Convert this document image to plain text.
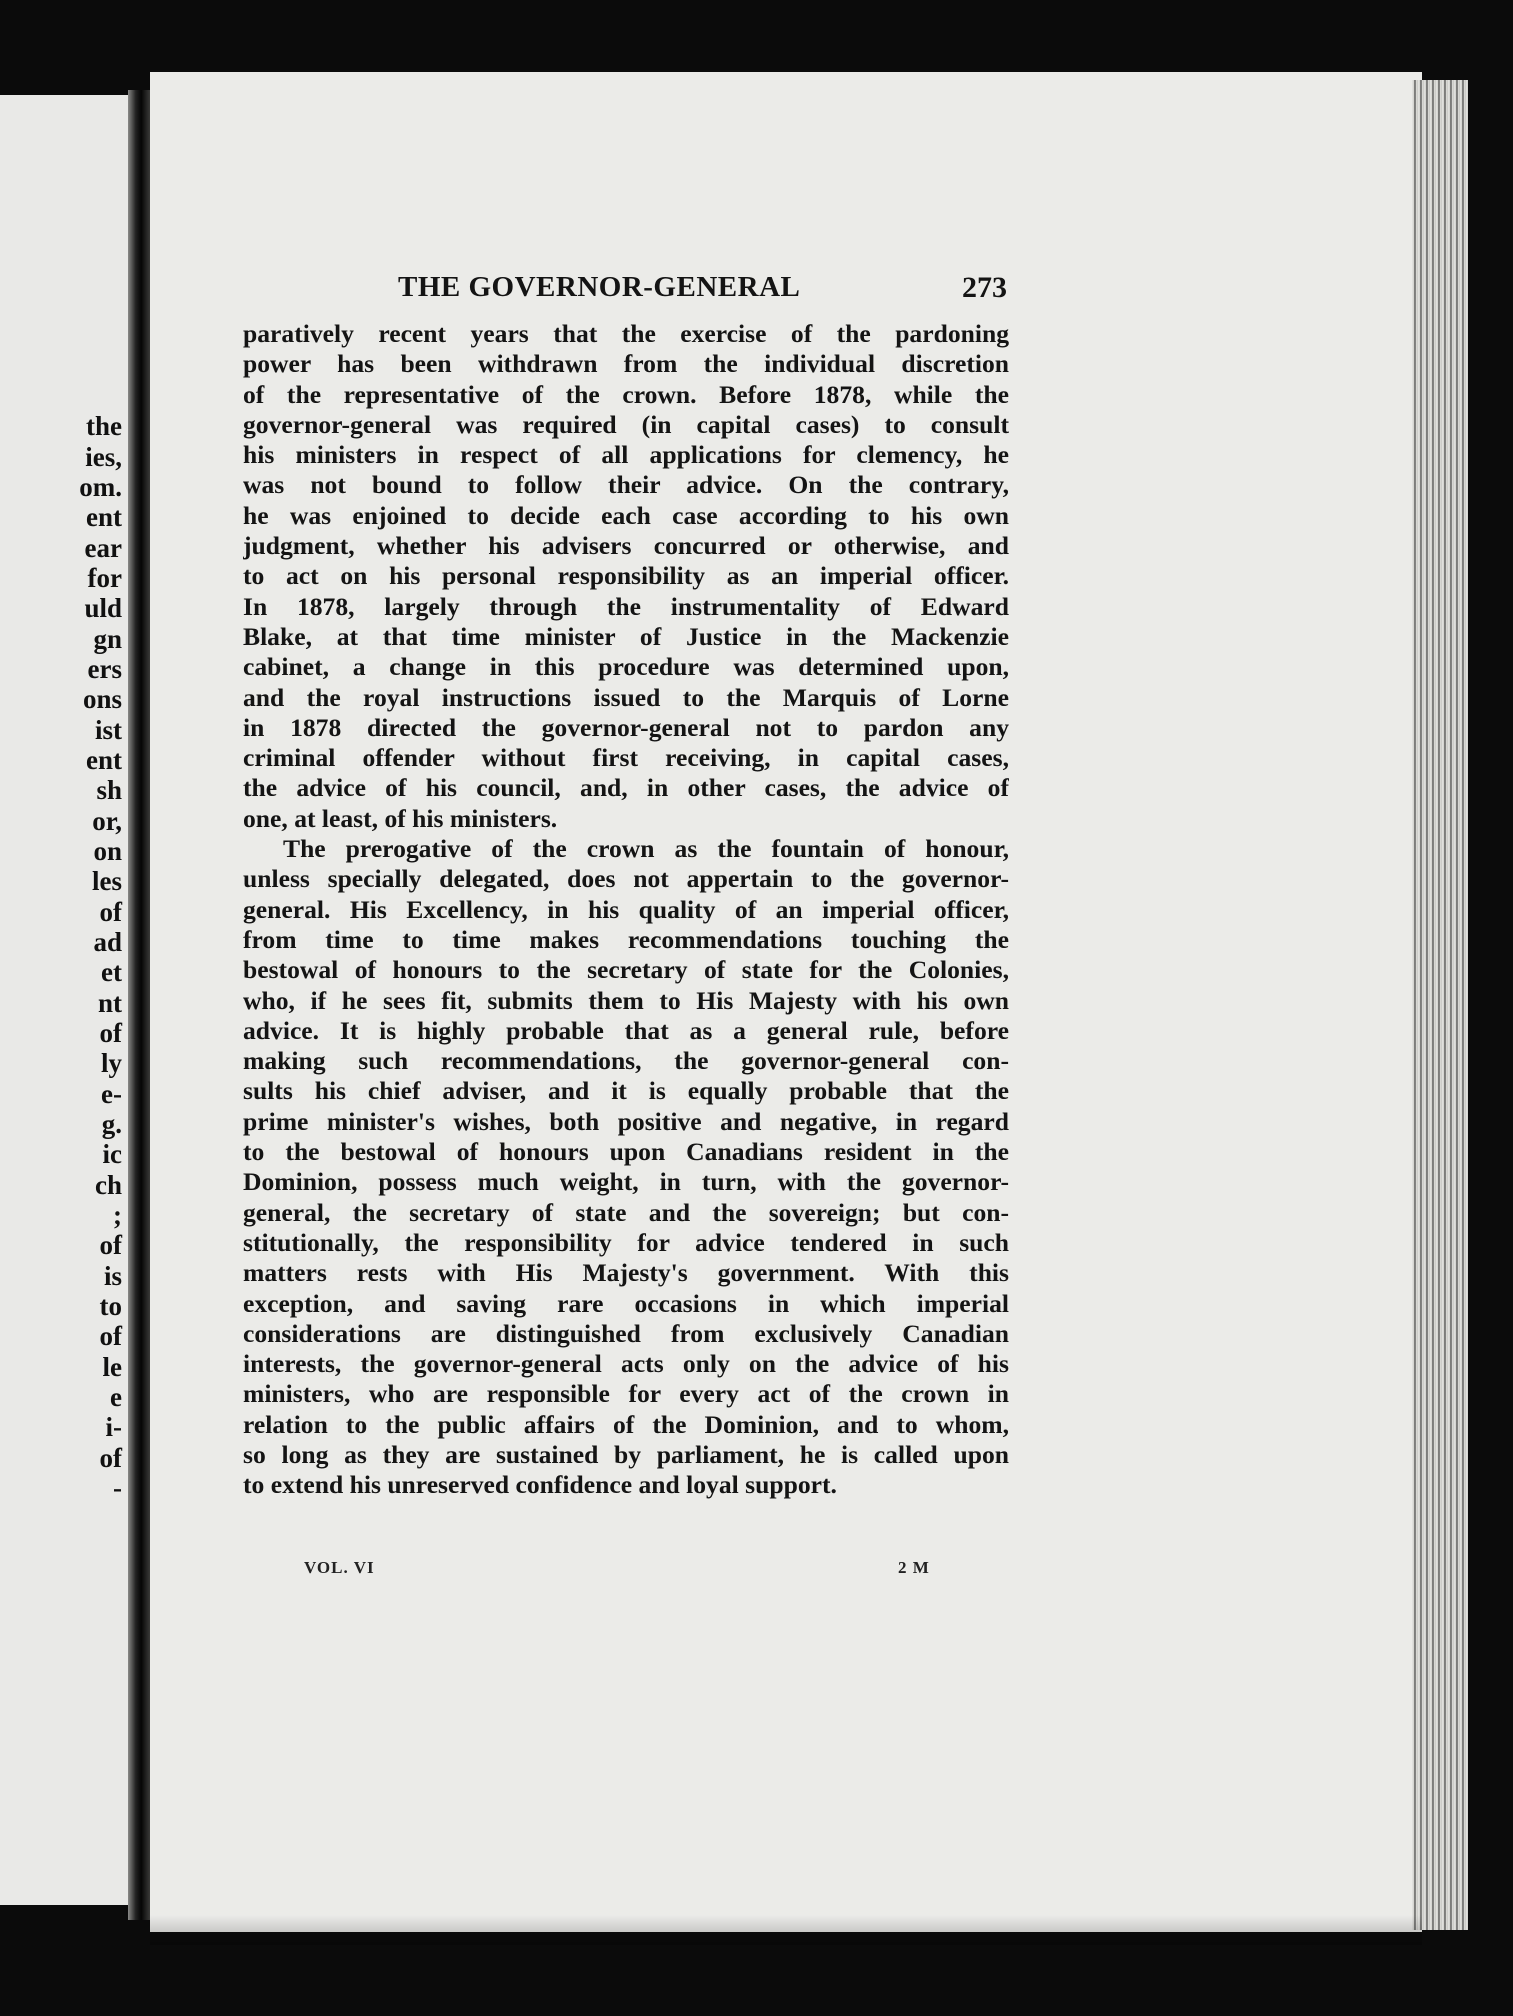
the
ies,
om.
ent
ear
for
uld
gn
ers
ons
ist
ent
sh
or,
on
les
of
ad
et
nt
of
ly
e-
g.
ic
ch
;
of
is
to
of
le
e
i-
of
-
THE GOVERNOR-GENERAL	273
paratively recent years that the exercise of the pardoning
power has been withdrawn from the individual discretion
of the representative of the crown. Before 1878, while the
governor-general was required (in capital cases) to consult
his ministers in respect of all applications for clemency, he
was not bound to follow their advice. On the contrary,
he was enjoined to decide each case according to his own
judgment, whether his advisers concurred or otherwise, and
to act on his personal responsibility as an imperial officer.
In 1878, largely through the instrumentality of Edward
Blake, at that time minister of Justice in the Mackenzie
cabinet, a change in this procedure was determined upon,
and the royal instructions issued to the Marquis of Lorne
in 1878 directed the governor-general not to pardon any
criminal offender without first receiving, in capital cases,
the advice of his council, and, in other cases, the advice of
one, at least, of his ministers.
The prerogative of the crown as the fountain of honour,
unless specially delegated, does not appertain to the governor-
general. His Excellency, in his quality of an imperial officer,
from time to time makes recommendations touching the
bestowal of honours to the secretary of state for the Colonies,
who, if he sees fit, submits them to His Majesty with his own
advice. It is highly probable that as a general rule, before
making such recommendations, the governor-general con-
sults his chief adviser, and it is equally probable that the
prime minister's wishes, both positive and negative, in regard
to the bestowal of honours upon Canadians resident in the
Dominion, possess much weight, in turn, with the governor-
general, the secretary of state and the sovereign; but con-
stitutionally, the responsibility for advice tendered in such
matters rests with His Majesty's government. With this
exception, and saving rare occasions in which imperial
considerations are distinguished from exclusively Canadian
interests, the governor-general acts only on the advice of his
ministers, who are responsible for every act of the crown in
relation to the public affairs of the Dominion, and to whom,
so long as they are sustained by parliament, he is called upon
to extend his unreserved confidence and loyal support.
VOL. VI	2 M
